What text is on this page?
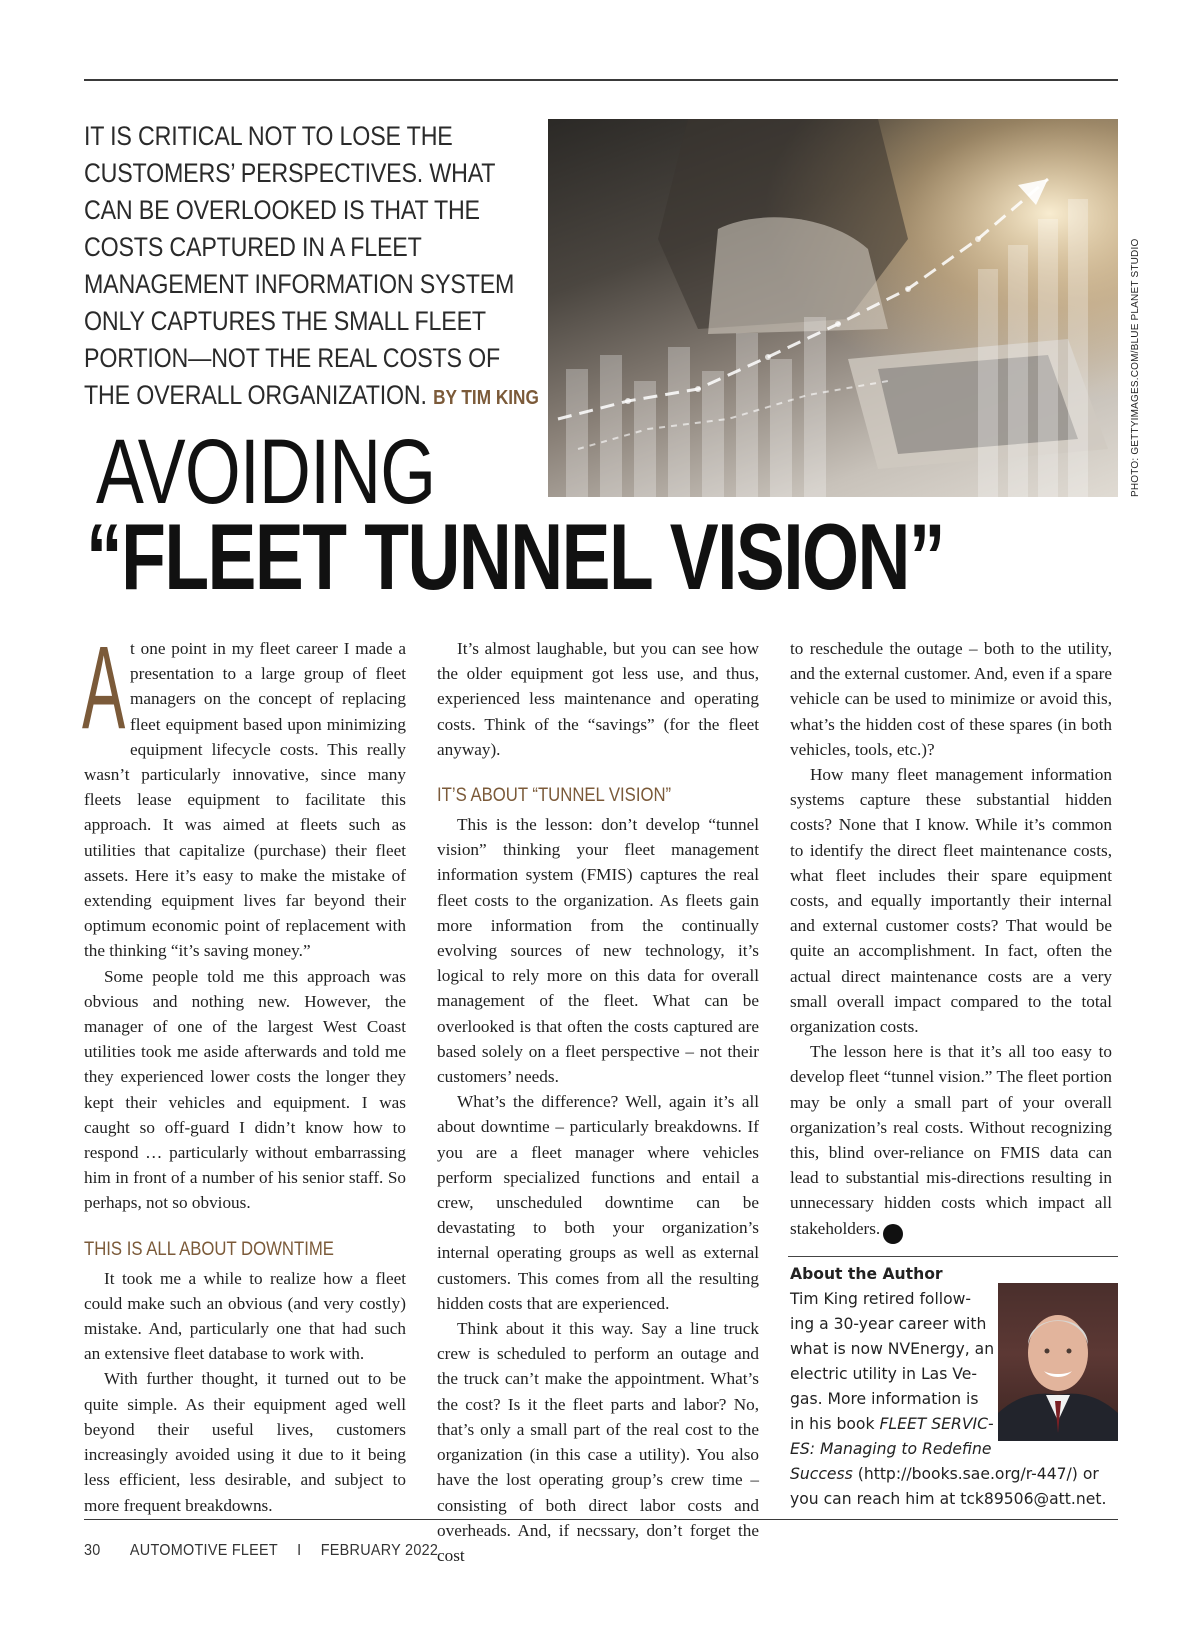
IT IS CRITICAL NOT TO LOSE THE CUSTOMERS’ PERSPECTIVES. WHAT CAN BE OVERLOOKED IS THAT THE COSTS CAPTURED IN A FLEET MANAGEMENT INFORMATION SYSTEM ONLY CAPTURES THE SMALL FLEET PORTION—NOT THE REAL COSTS OF THE OVERALL ORGANIZATION. BY TIM KING	PHOTO: GETTYIMAGES.COM/BLUE PLANET STUDIO
AVOIDING
“FLEET TUNNEL VISION”

At one point in my fleet career I made a presentation to a large group of fleet managers on the concept of replacing fleet equipment based upon minimizing equipment lifecycle costs. This really wasn’t particularly innovative, since many fleets lease equipment to facilitate this approach. It was aimed at fleets such as utilities that capitalize (purchase) their fleet assets. Here it’s easy to make the mistake of extending equipment lives far beyond their optimum economic point of replacement with the thinking “it’s saving money.”

Some people told me this approach was obvious and nothing new. However, the manager of one of the largest West Coast utilities took me aside afterwards and told me they experienced lower costs the longer they kept their vehicles and equipment. I was caught so off-guard I didn’t know how to respond … particularly without embarrassing him in front of a number of his senior staff. So perhaps, not so obvious.

THIS IS ALL ABOUT DOWNTIME

It took me a while to realize how a fleet could make such an obvious (and very costly) mistake. And, particularly one that had such an extensive fleet database to work with.

With further thought, it turned out to be quite simple. As their equipment aged well beyond their useful lives, customers increasingly avoided using it due to it being less efficient, less desirable, and subject to more frequent breakdowns.

It’s almost laughable, but you can see how the older equipment got less use, and thus, experienced less maintenance and operating costs. Think of the “savings” (for the fleet anyway).

IT’S ABOUT “TUNNEL VISION”

This is the lesson: don’t develop “tunnel vision” thinking your fleet management information system (FMIS) captures the real fleet costs to the organization. As fleets gain more information from the continually evolving sources of new technology, it’s logical to rely more on this data for overall management of the fleet. What can be overlooked is that often the costs captured are based solely on a fleet perspective – not their customers’ needs.

What’s the difference? Well, again it’s all about downtime – particularly breakdowns. If you are a fleet manager where vehicles perform specialized functions and entail a crew, unscheduled downtime can be devastating to both your organization’s internal operating groups as well as external customers. This comes from all the resulting hidden costs that are experienced.

Think about it this way. Say a line truck crew is scheduled to perform an outage and the truck can’t make the appointment. What’s the cost? Is it the fleet parts and labor? No, that’s only a small part of the real cost to the organization (in this case a utility). You also have the lost operating group’s crew time – consisting of both direct labor costs and overheads. And, if necssary, don’t forget the cost

to reschedule the outage – both to the utility, and the external customer. And, even if a spare vehicle can be used to minimize or avoid this, what’s the hidden cost of these spares (in both vehicles, tools, etc.)?

How many fleet management information systems capture these substantial hidden costs? None that I know. While it’s common to identify the direct fleet maintenance costs, what fleet includes their spare equipment costs, and equally importantly their internal and external customer costs? That would be quite an accomplishment. In fact, often the actual direct maintenance costs are a very small overall impact compared to the total organization costs.

The lesson here is that it’s all too easy to develop fleet “tunnel vision.” The fleet portion may be only a small part of your overall organization’s real costs. Without recognizing this, blind over-reliance on FMIS data can lead to substantial mis-directions resulting in unnecessary hidden costs which impact all stakeholders. AF

About the Author
Tim King retired follow-
ing a 30-year career with
what is now NVEnergy, an
electric utility in Las Ve-
gas. More information is
in his book FLEET SERVIC-
ES: Managing to Redefine
Success (http://books.sae.org/r-447/) or you can reach him at tck89506@att.net.
30 AUTOMOTIVE FLEET I FEBRUARY 2022
